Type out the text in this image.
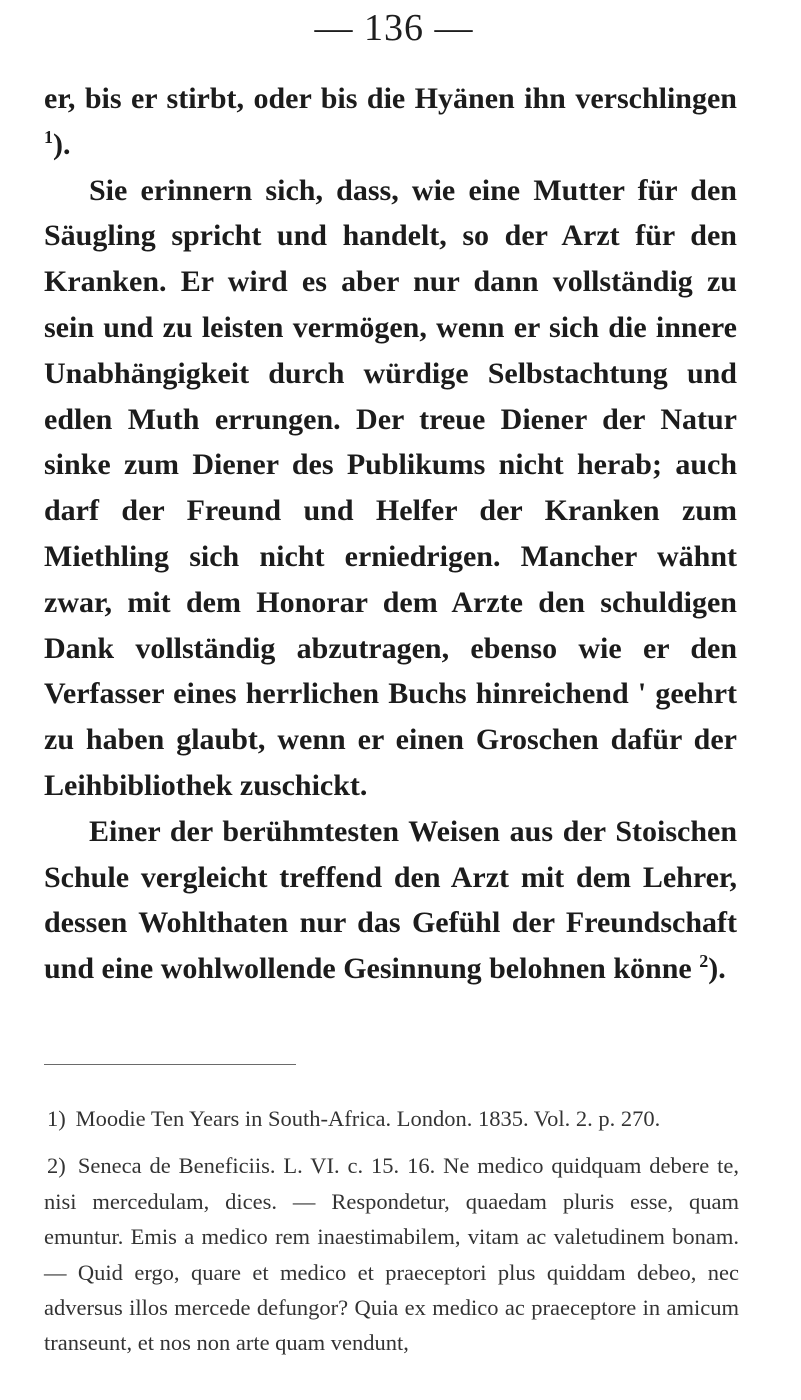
— 136 —

er, bis er stirbt, oder bis die Hyänen ihn verschlingen $^1$).

Sie erinnern sich, dass, wie eine Mutter für den Säugling spricht und handelt, so der Arzt für den Kranken. Er wird es aber nur dann vollständig zu sein und zu leisten vermögen, wenn er sich die innere Unabhängigkeit durch würdige Selbstachtung und edlen Muth errungen. Der treue Diener der Natur sinke zum Diener des Publikums nicht herab; auch darf der Freund und Helfer der Kranken zum Miethling sich nicht erniedrigen. Mancher wähnt zwar, mit dem Honorar dem Arzte den schuldigen Dank vollständig abzutragen, ebenso wie er den Verfasser eines herrlichen Buchs hinreichend ' geehrt zu haben glaubt, wenn er einen Groschen dafür der Leihbibliothek zuschickt.

Einer der berühmtesten Weisen aus der Stoischen Schule vergleicht treffend den Arzt mit dem Lehrer, dessen Wohlthaten nur das Gefühl der Freundschaft und eine wohlwollende Gesinnung belohnen könne $^2$).

1) Moodie Ten Years in South-Africa. London. 1835. Vol. 2. p. 270.

2) Seneca de Beneficiis. L. VI. c. 15. 16. Ne medico quidquam debere te, nisi mercedulam, dices. — Respondetur, quaedam pluris esse, quam emuntur. Emis a medico rem inaestimabilem, vitam ac valetudinem bonam. — Quid ergo, quare et medico et praeceptori plus quiddam debeo, nec adversus illos mercede defungor? Quia ex medico ac praeceptore in amicum transeunt, et nos non arte quam vendunt,
